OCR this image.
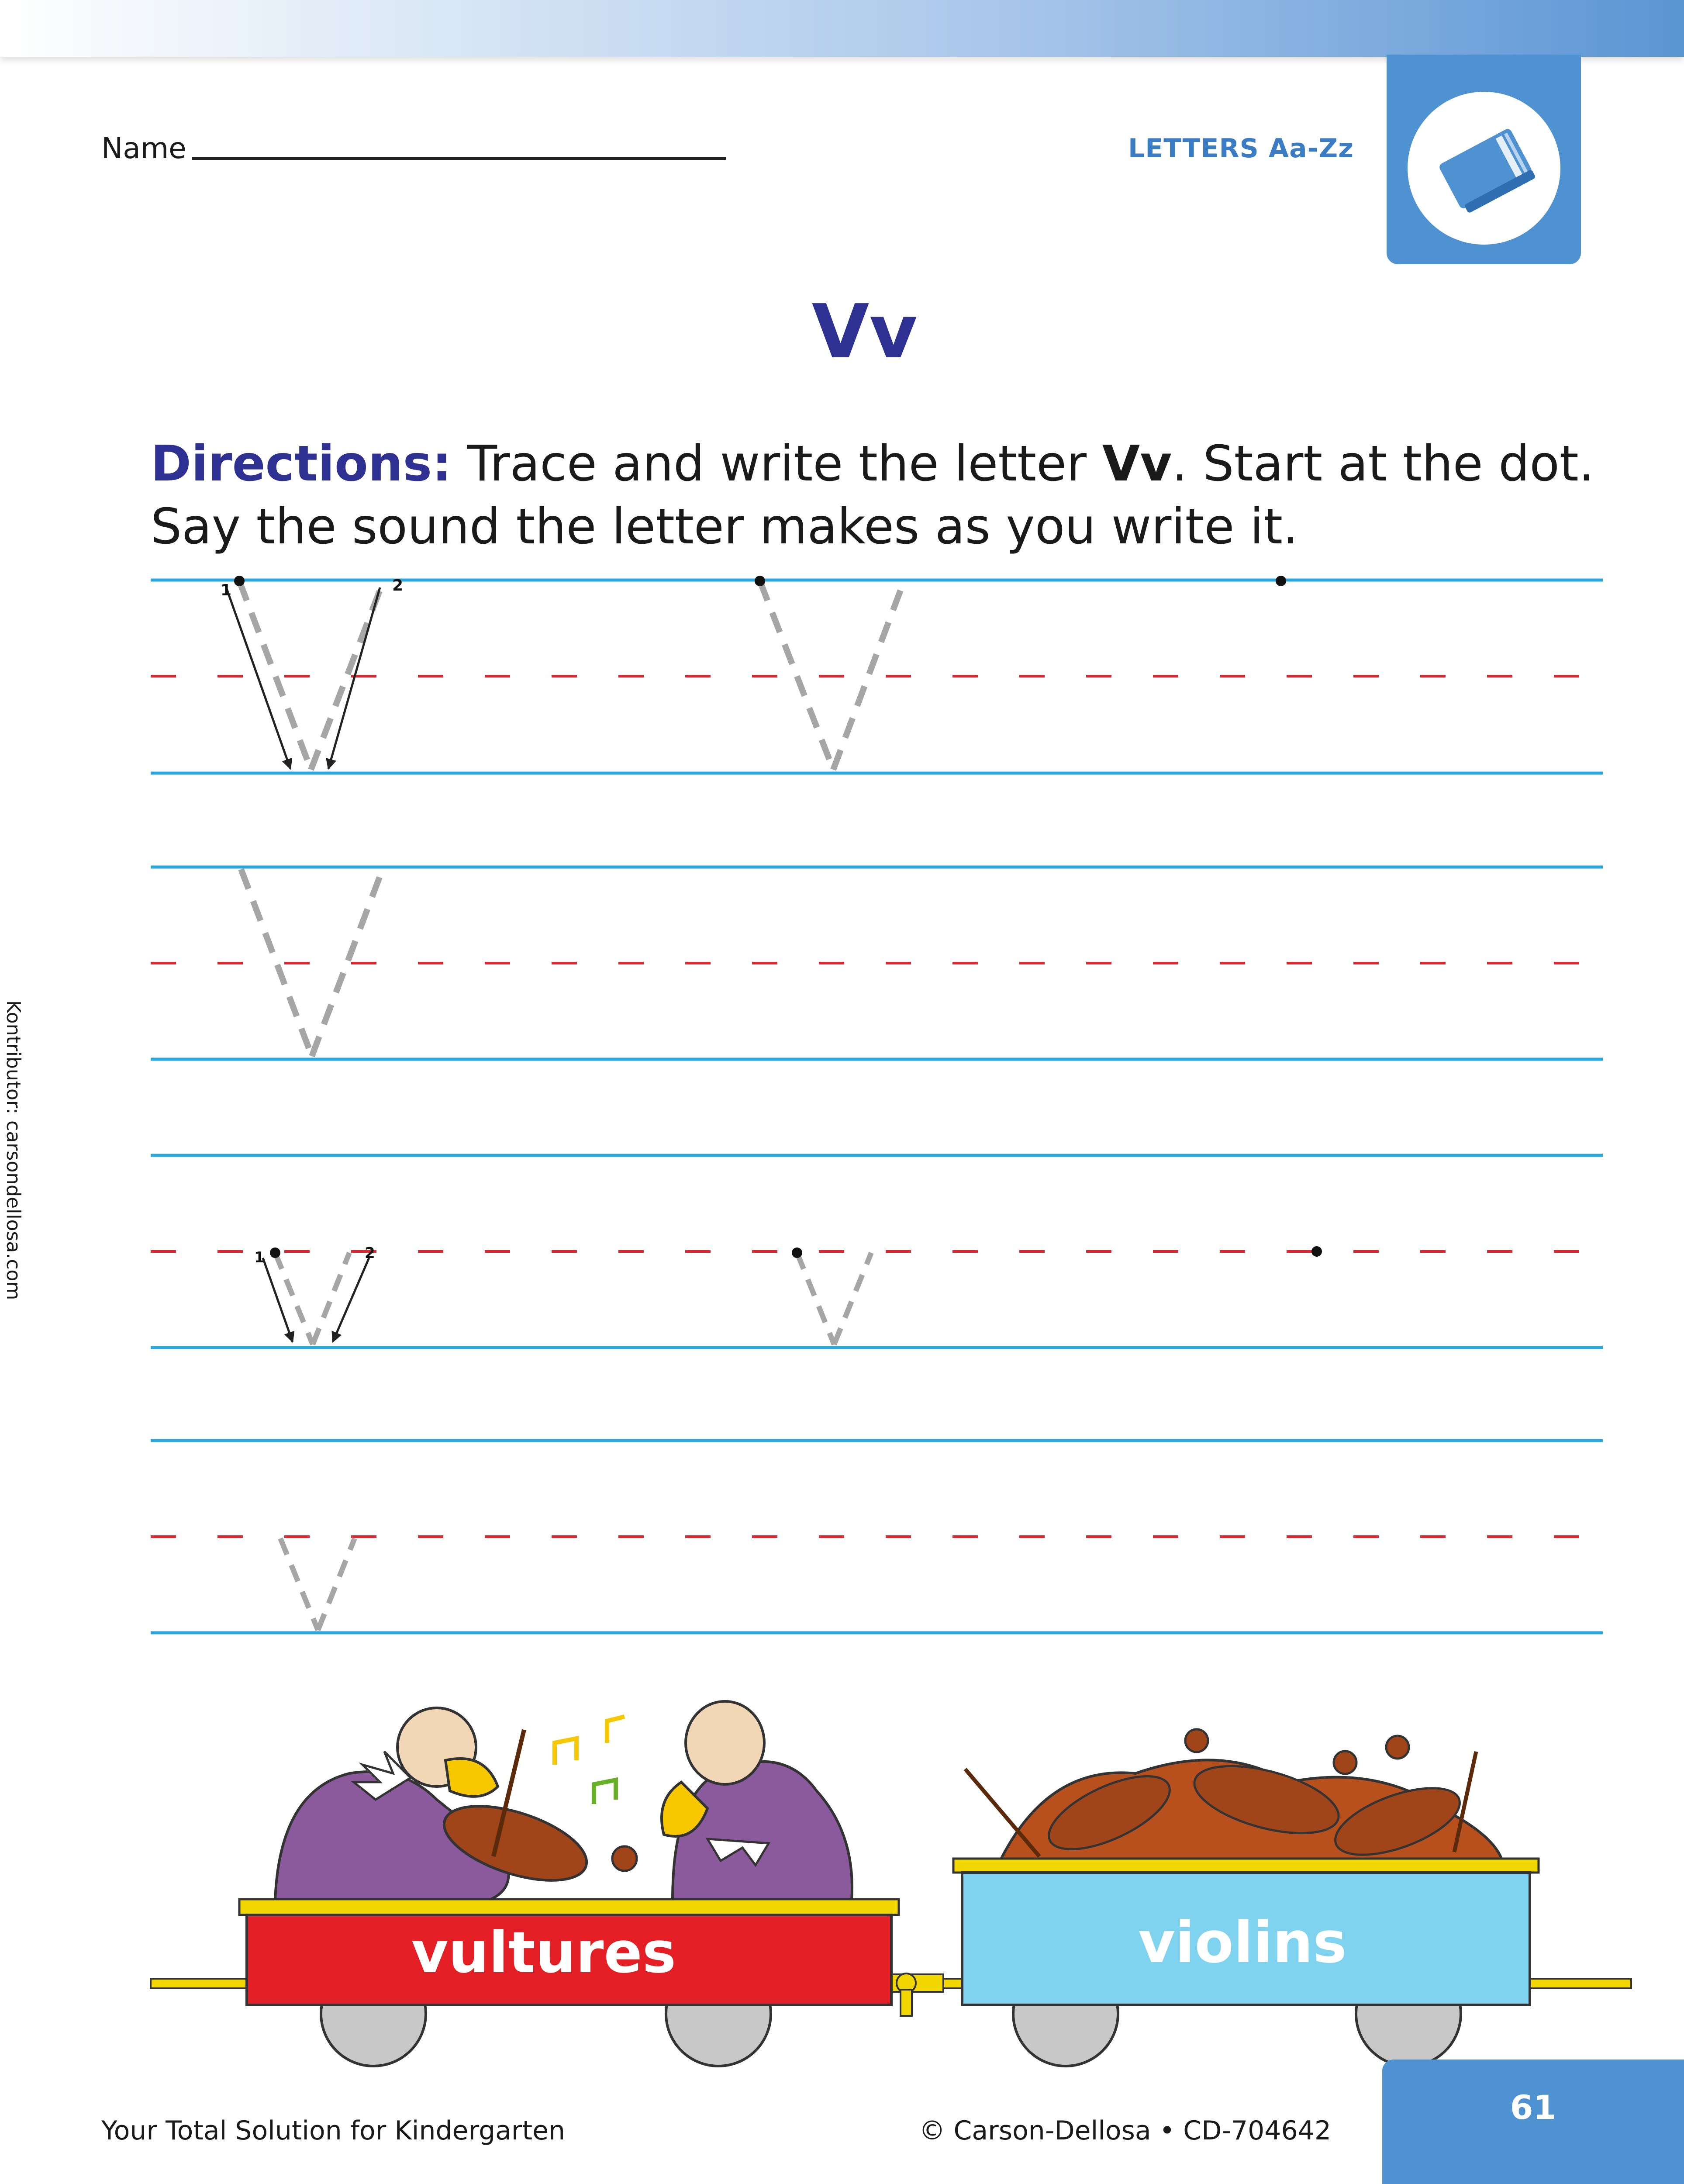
Name	LETTERS Aa-Zz
Vv
Directions: Trace and write the letter Vv. Start at the dot. Say the sound the letter makes as you write it.
1	2
1	2
vultures	violins
Kontributor: carsondellosa.com
Your Total Solution for Kindergarten	© Carson-Dellosa • CD-704642
61
